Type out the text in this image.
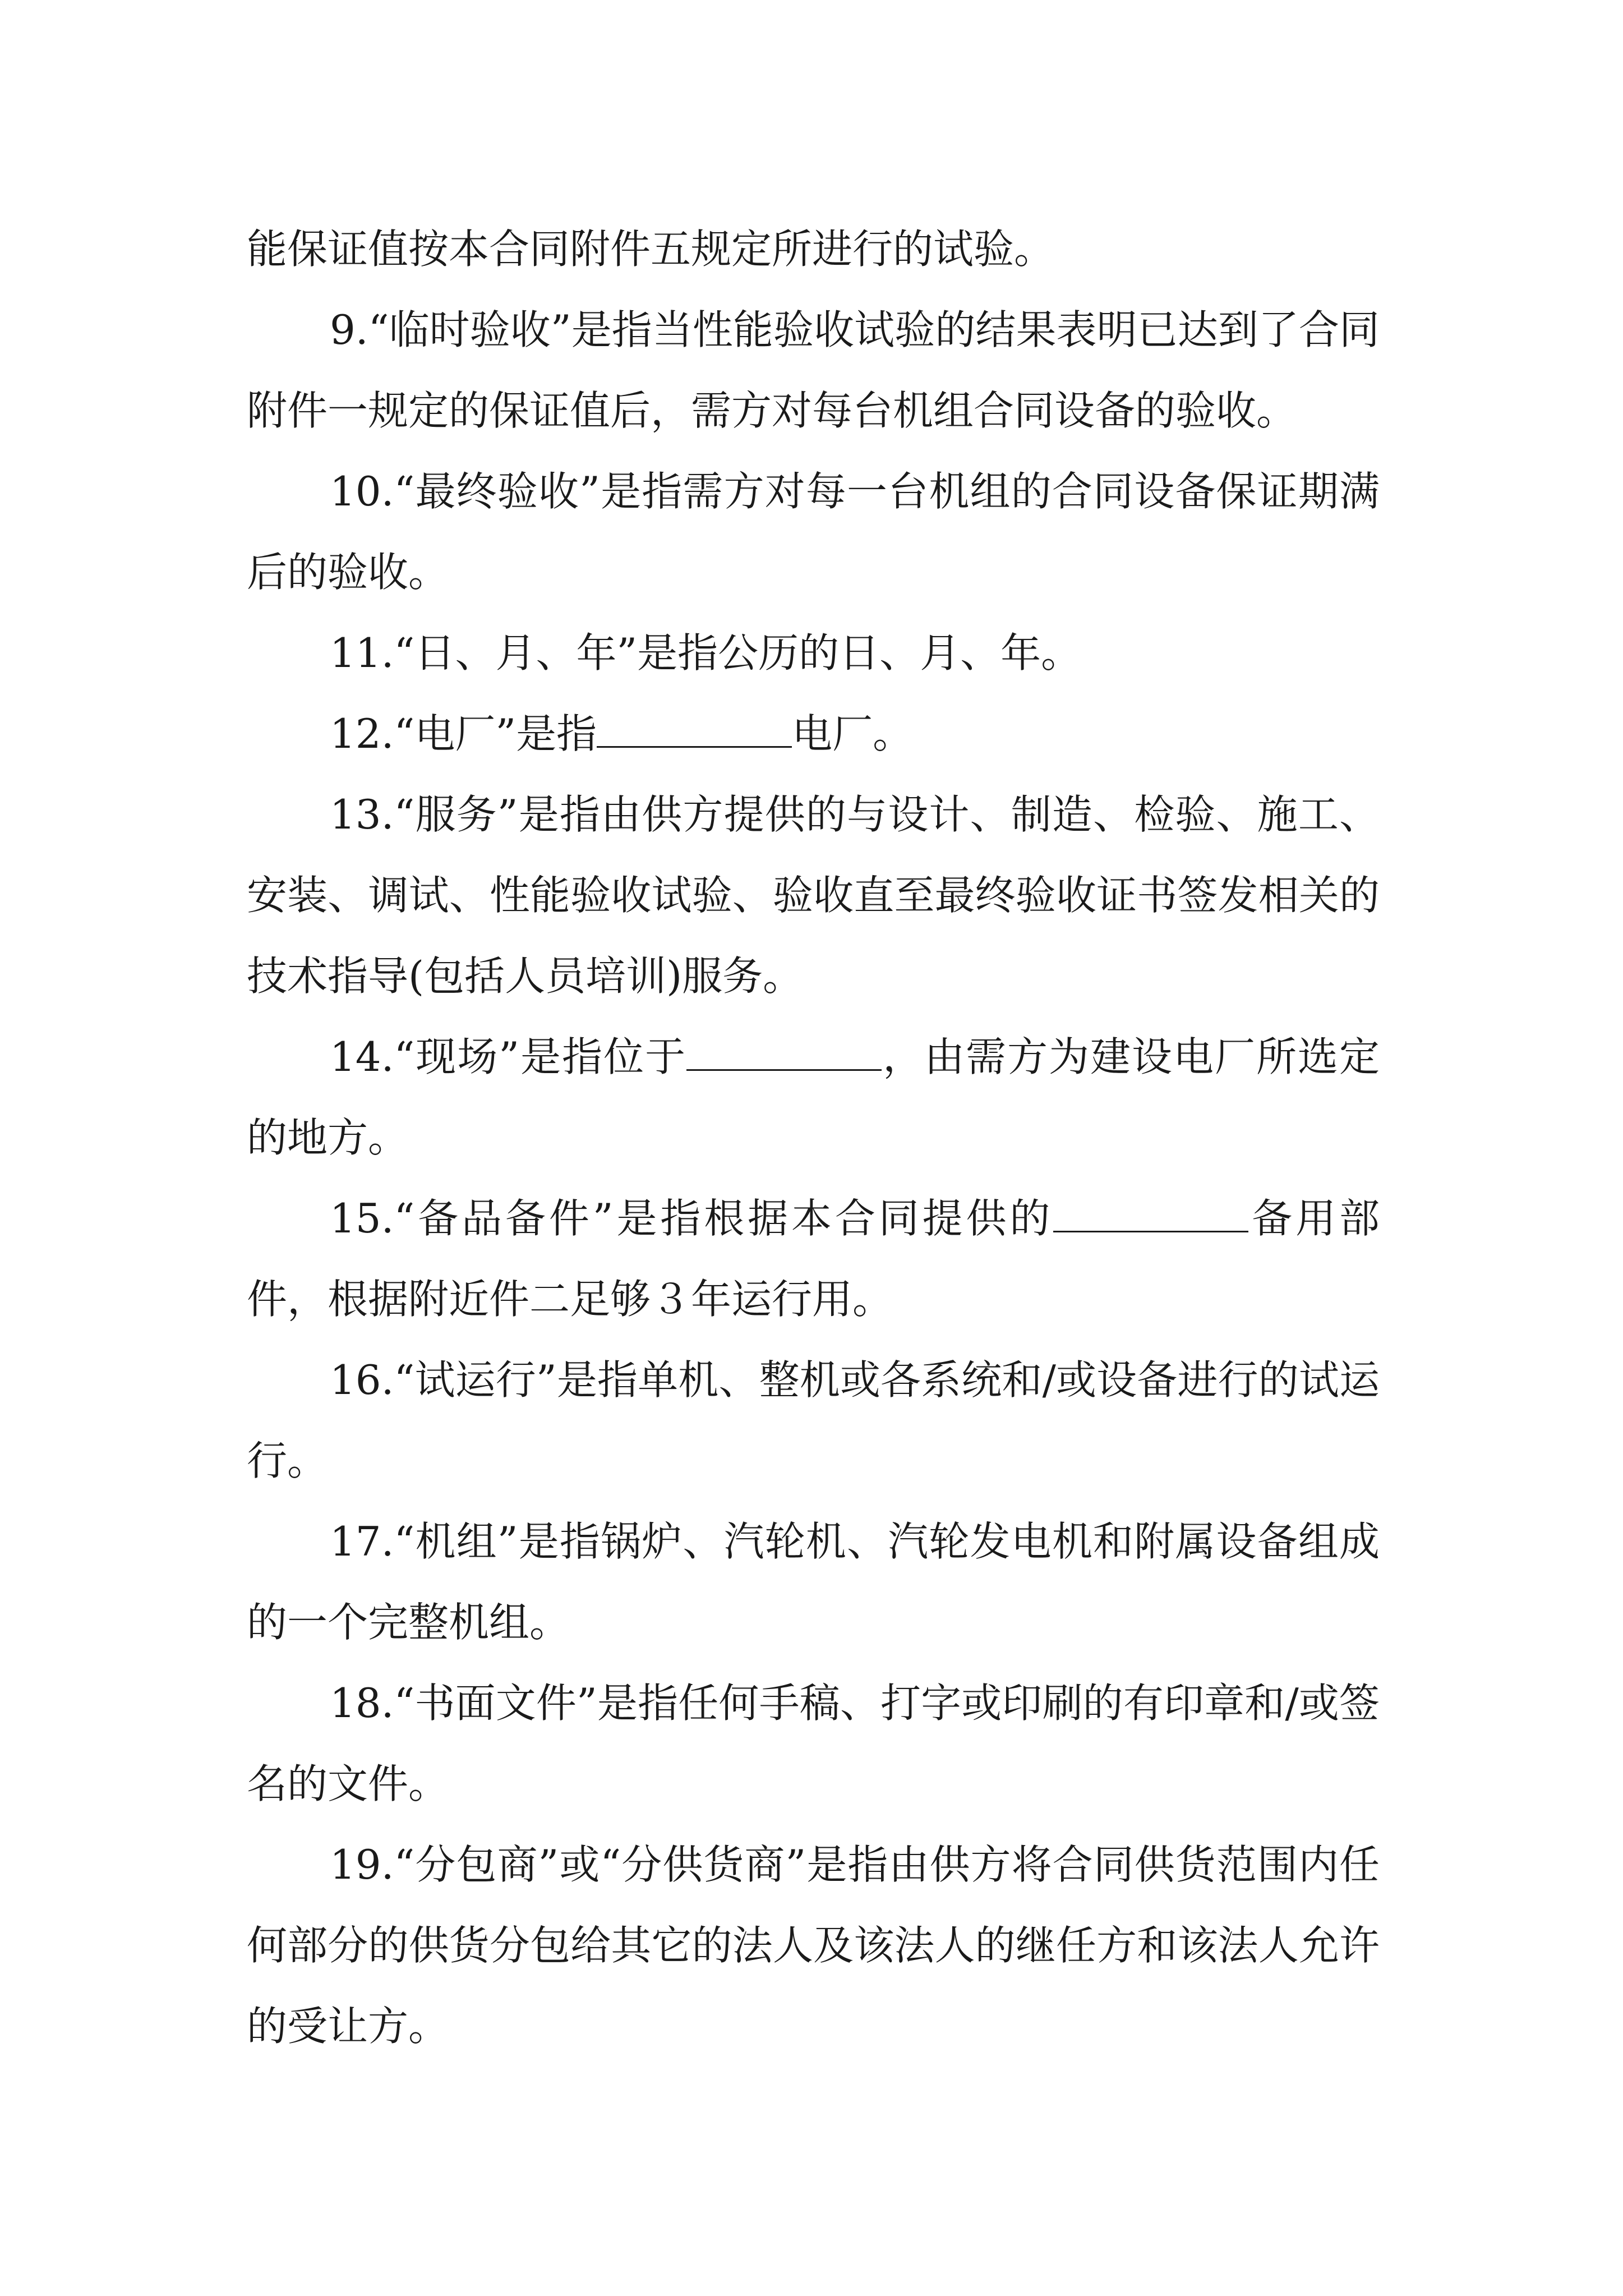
能保证值按本合同附件五规定所进行的试验。

9.“临时验收”是指当性能验收试验的结果表明已达到了合同附件一规定的保证值后，需方对每台机组合同设备的验收。

10.“最终验收”是指需方对每一台机组的合同设备保证期满后的验收。

11.“日、月、年”是指公历的日、月、年。

12.“电厂”是指	电厂。

13.“服务”是指由供方提供的与设计、制造、检验、施工、安装、调试、性能验收试验、验收直至最终验收证书签发相关的技术指导(包括人员培训)服务。

14.“现场”是指位于	，由需方为建设电厂所选定的地方。

15.“备品备件”是指根据本合同提供的	备用部件，根据附近件二足够３年运行用。

16.“试运行”是指单机、整机或各系统和/或设备进行的试运行。

17.“机组”是指锅炉、汽轮机、汽轮发电机和附属设备组成的一个完整机组。

18.“书面文件”是指任何手稿、打字或印刷的有印章和/或签名的文件。

19.“分包商”或“分供货商”是指由供方将合同供货范围内任何部分的供货分包给其它的法人及该法人的继任方和该法人允许的受让方。
